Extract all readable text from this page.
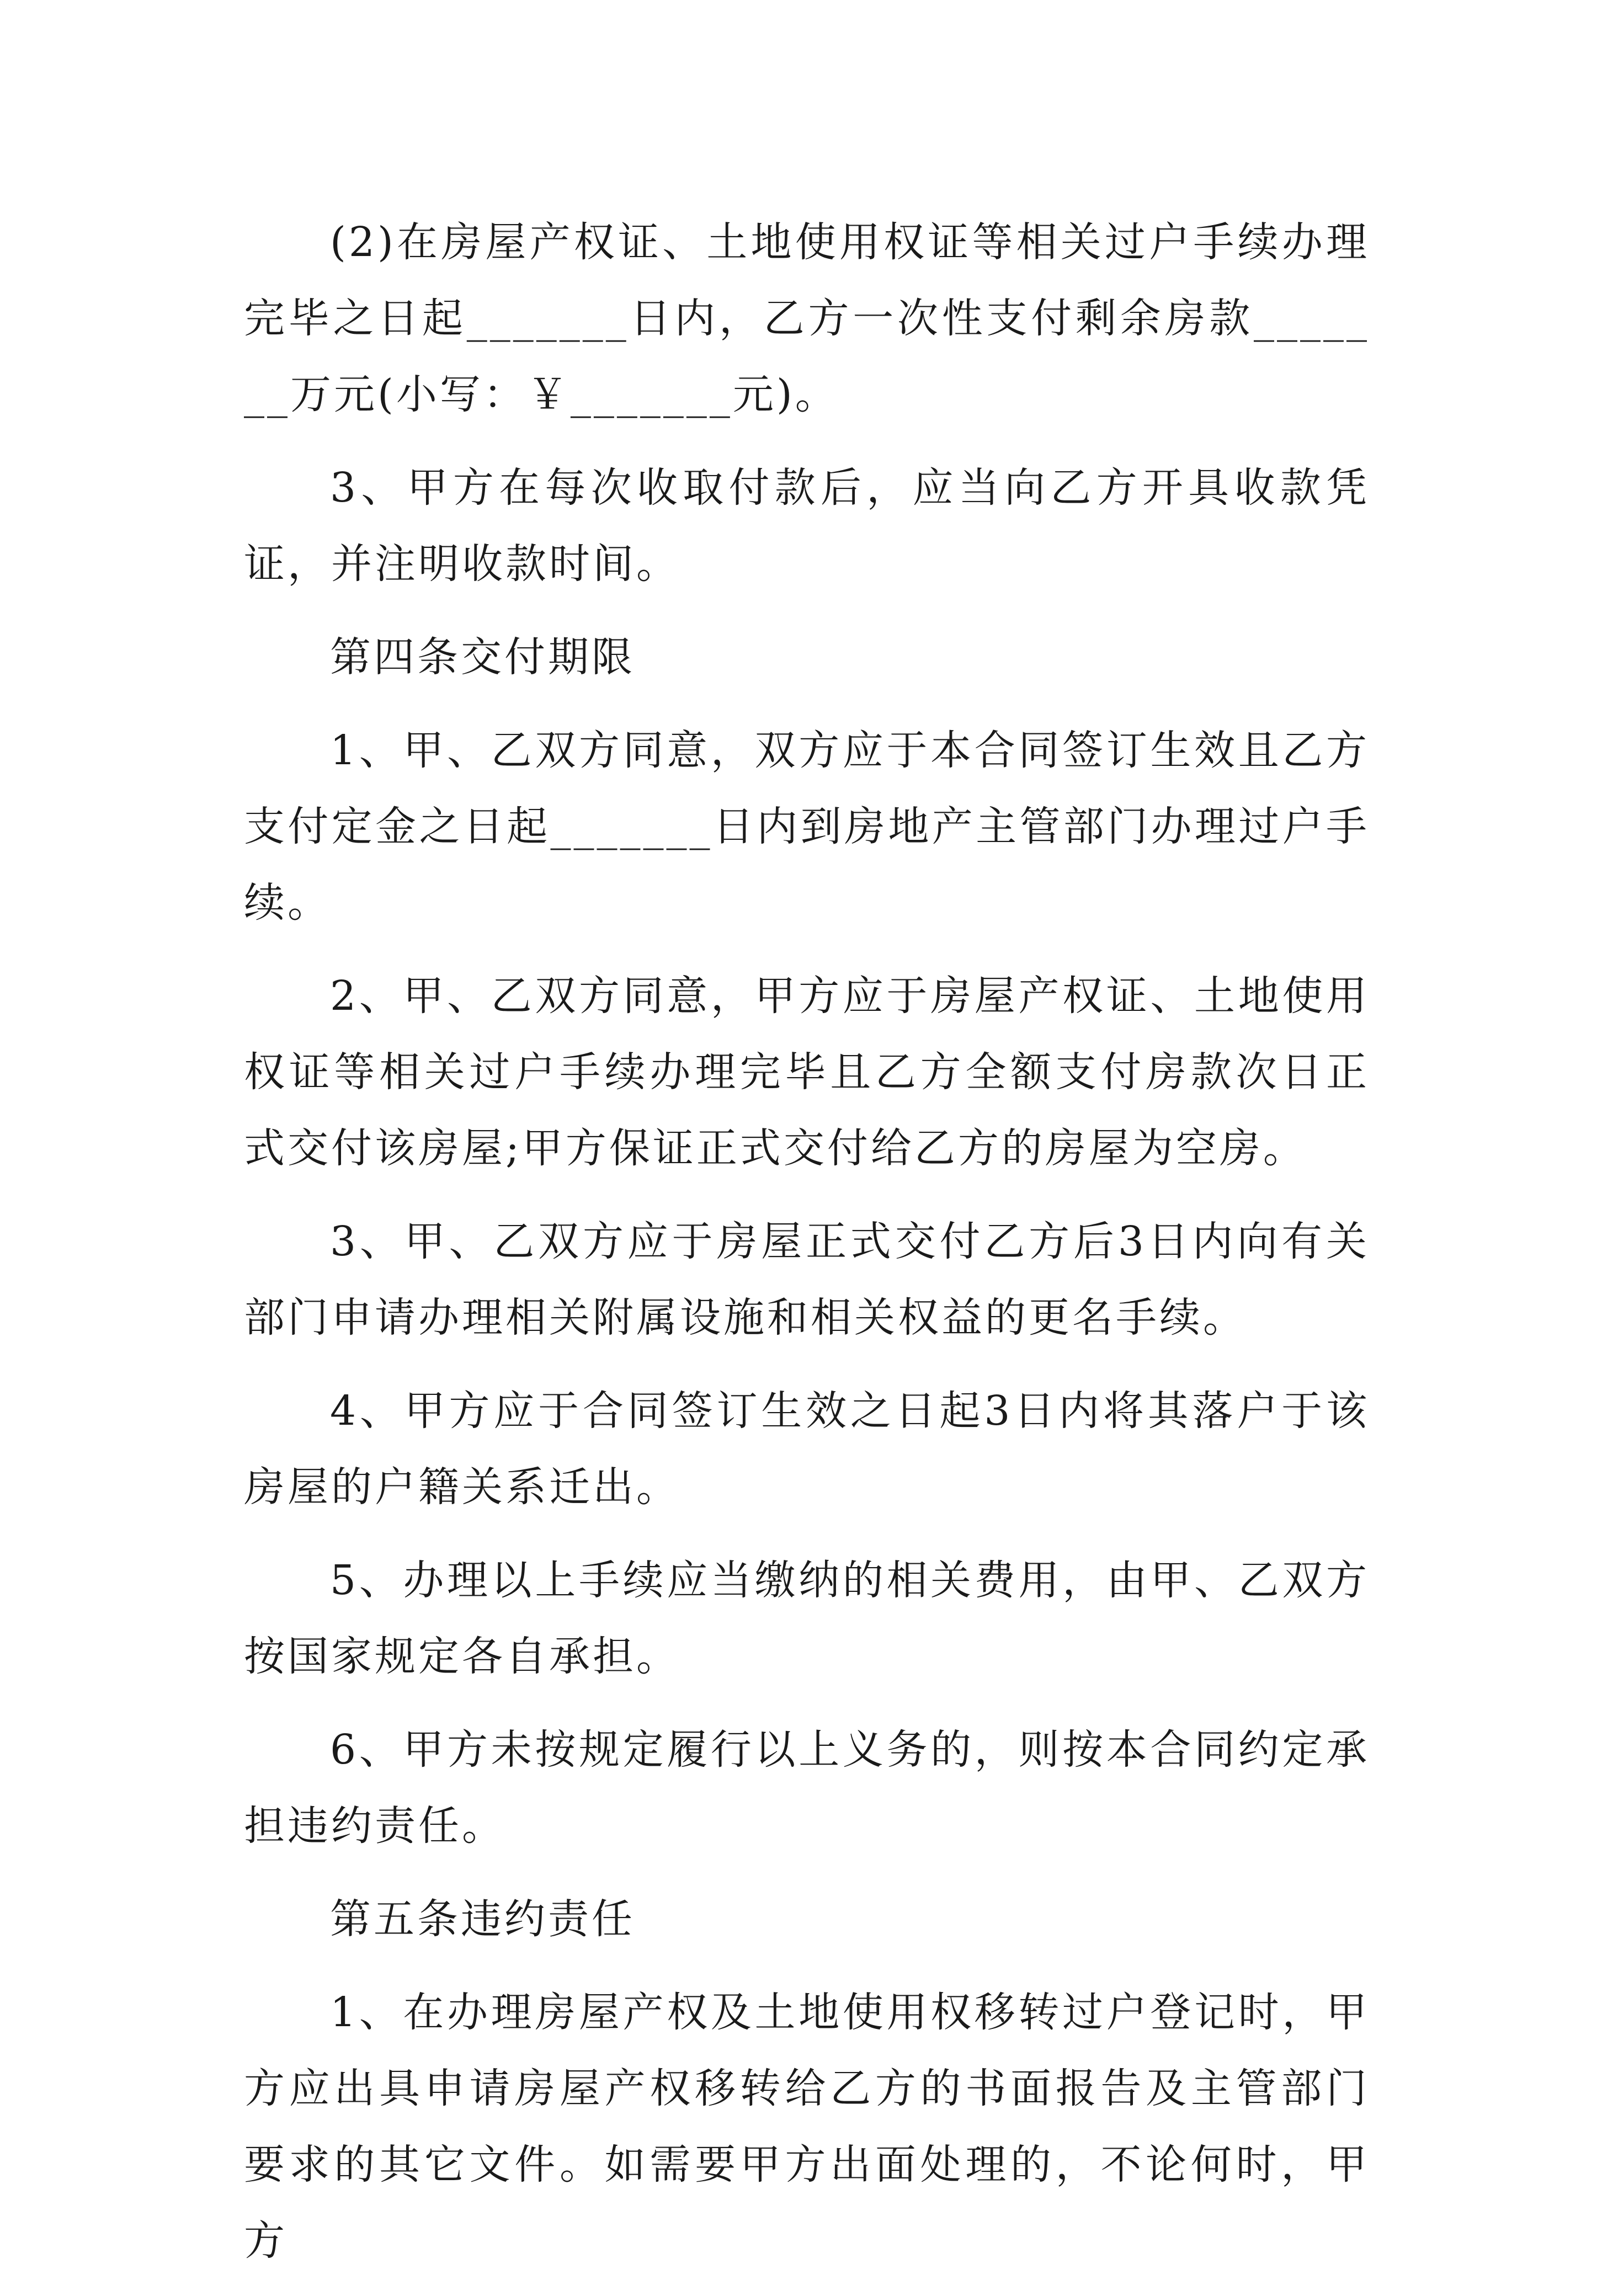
(2)在房屋产权证、土地使用权证等相关过户手续办理完毕之日起_______日内，乙方一次性支付剩余房款_______万元(小写：￥_______元)。

3、甲方在每次收取付款后，应当向乙方开具收款凭证，并注明收款时间。

第四条交付期限

1、甲、乙双方同意，双方应于本合同签订生效且乙方支付定金之日起_______日内到房地产主管部门办理过户手续。

2、甲、乙双方同意，甲方应于房屋产权证、土地使用权证等相关过户手续办理完毕且乙方全额支付房款次日正式交付该房屋;甲方保证正式交付给乙方的房屋为空房。

3、甲、乙双方应于房屋正式交付乙方后3日内向有关部门申请办理相关附属设施和相关权益的更名手续。

4、甲方应于合同签订生效之日起3日内将其落户于该房屋的户籍关系迁出。

5、办理以上手续应当缴纳的相关费用，由甲、乙双方按国家规定各自承担。

6、甲方未按规定履行以上义务的，则按本合同约定承担违约责任。

第五条违约责任

1、在办理房屋产权及土地使用权移转过户登记时，甲方应出具申请房屋产权移转给乙方的书面报告及主管部门要求的其它文件。如需要甲方出面处理的，不论何时，甲方
